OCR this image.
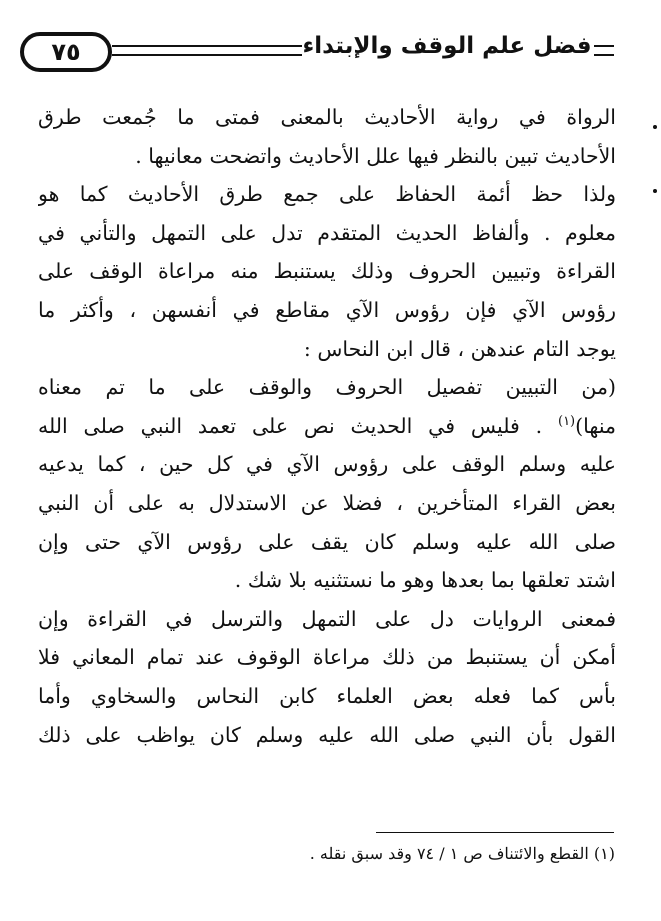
٧٥	فضل علم الوقف والإبتداء
الرواة في رواية الأحاديث بالمعنى فمتى ما جُمعت طرق
الأحاديث تبين بالنظر فيها علل الأحاديث واتضحت معانيها .
ولذا حظ أئمة الحفاظ على جمع طرق الأحاديث كما هو
معلوم . وألفاظ الحديث المتقدم تدل على التمهل والتأني في
القراءة وتبيين الحروف وذلك يستنبط منه مراعاة الوقف على
رؤوس الآي فإن رؤوس الآي مقاطع في أنفسهن ، وأكثر ما
يوجد التام عندهن ، قال ابن النحاس :
(من التبيين تفصيل الحروف والوقف على ما تم معناه
منها)$^{(١)}$ . فليس في الحديث نص على تعمد النبي صلى الله
عليه وسلم الوقف على رؤوس الآي في كل حين ، كما يدعيه
بعض القراء المتأخرين ، فضلا عن الاستدلال به على أن النبي
صلى الله عليه وسلم كان يقف على رؤوس الآي حتى وإن
اشتد تعلقها بما بعدها وهو ما نستثنيه بلا شك .
فمعنى الروايات دل على التمهل والترسل في القراءة وإن
أمكن أن يستنبط من ذلك مراعاة الوقوف عند تمام المعاني فلا
بأس كما فعله بعض العلماء كابن النحاس والسخاوي وأما
القول بأن النبي صلى الله عليه وسلم كان يواظب على ذلك
(١) القطع والائتناف ص ١ / ٧٤ وقد سبق نقله .
